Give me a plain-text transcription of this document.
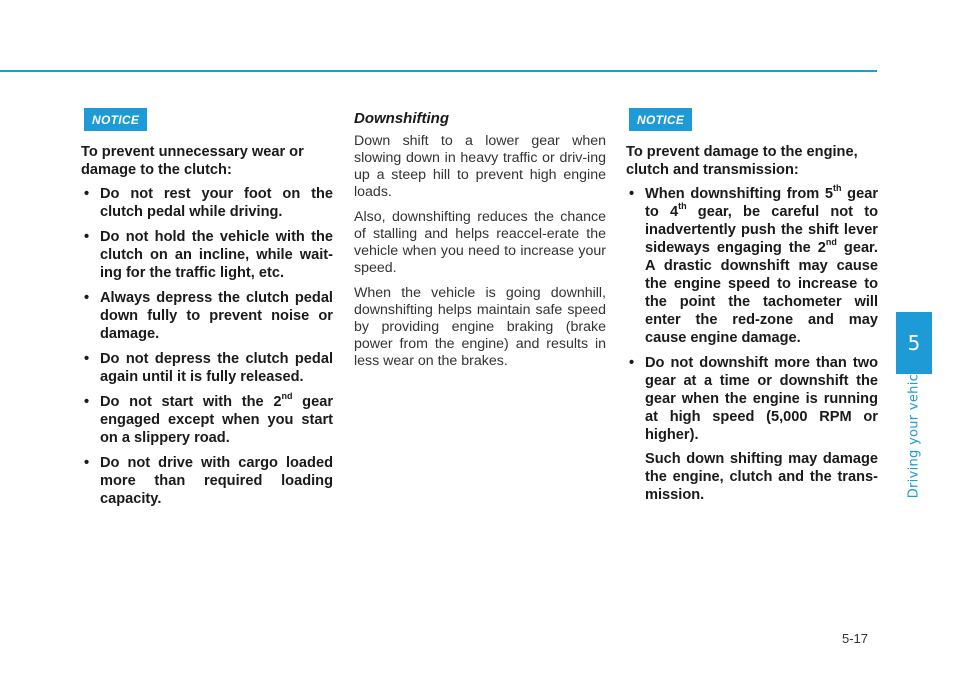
5
Driving your vehicle
NOTICE

To prevent unnecessary wear or damage to the clutch:

• Do not rest your foot on the clutch pedal while driving.
• Do not hold the vehicle with the clutch on an incline, while wait-ing for the traffic light, etc.
• Always depress the clutch pedal down fully to prevent noise or damage.
• Do not depress the clutch pedal again until it is fully released.
• Do not start with the 2nd gear engaged except when you start on a slippery road.
• Do not drive with cargo loaded more than required loading capacity.
Downshifting

Down shift to a lower gear when slowing down in heavy traffic or driv-ing up a steep hill to prevent high engine loads.

Also, downshifting reduces the chance of stalling and helps reaccel-erate the vehicle when you need to increase your speed.

When the vehicle is going downhill, downshifting helps maintain safe speed by providing engine braking (brake power from the engine) and results in less wear on the brakes.

NOTICE

To prevent damage to the engine, clutch and transmission:

• When downshifting from 5th gear to 4th gear, be careful not to inadvertently push the shift lever sideways engaging the 2nd gear. A drastic downshift may cause the engine speed to increase to the point the tachometer will enter the red-zone and may cause engine damage.
• Do not downshift more than two gear at a time or downshift the gear when the engine is running at high speed (5,000 RPM or higher).

Such down shifting may damage the engine, clutch and the trans-mission.

5-17
